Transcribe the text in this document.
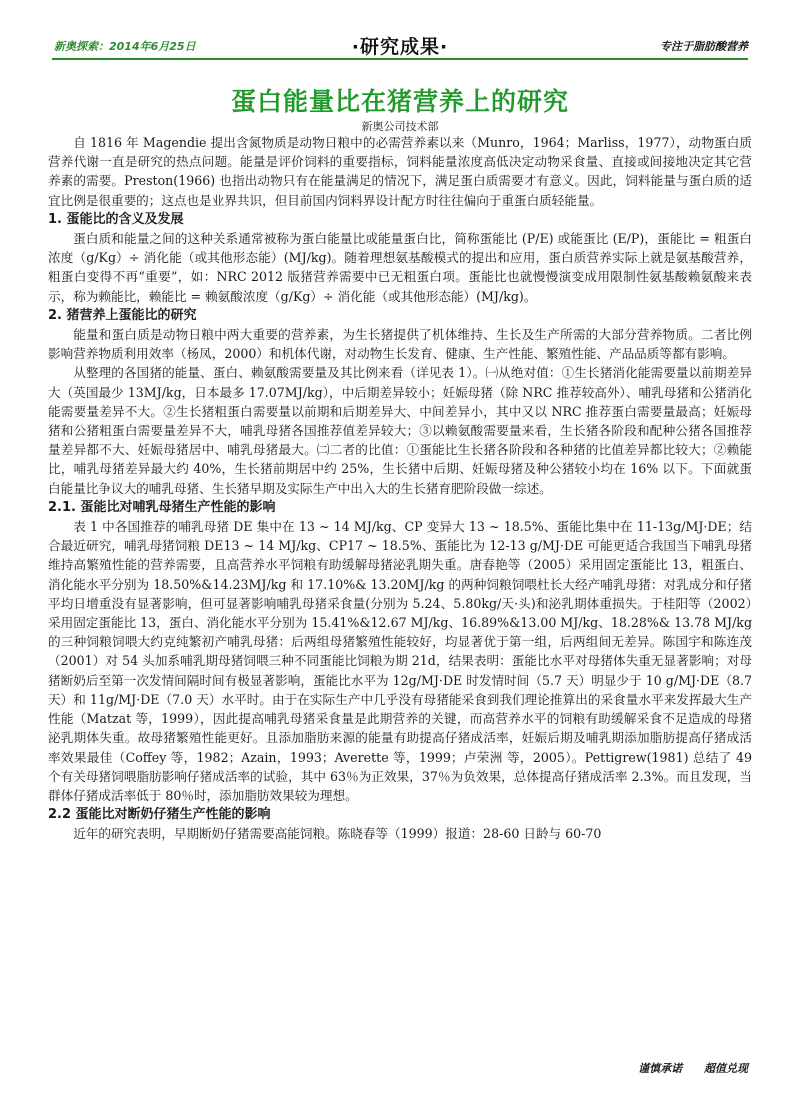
新奥探索：2014年6月25日	·研究成果·	专注于脂肪酸营养
蛋白能量比在猪营养上的研究
新奥公司技术部

自 1816 年 Magendie 提出含氮物质是动物日粮中的必需营养素以来（Munro，1964；Marliss，1977），动物蛋白质营养代谢一直是研究的热点问题。能量是评价饲料的重要指标，饲料能量浓度高低决定动物采食量、直接或间接地决定其它营养素的需要。Preston(1966) 也指出动物只有在能量满足的情况下，满足蛋白质需要才有意义。因此，饲料能量与蛋白质的适宜比例是很重要的；这点也是业界共识，但目前国内饲料界设计配方时往往偏向于重蛋白质轻能量。

1. 蛋能比的含义及发展

蛋白质和能量之间的这种关系通常被称为蛋白能量比或能量蛋白比，简称蛋能比 (P/E) 或能蛋比 (E/P)，蛋能比 = 粗蛋白浓度（g/Kg）÷ 消化能（或其他形态能）(MJ/kg)。随着理想氨基酸模式的提出和应用，蛋白质营养实际上就是氨基酸营养，粗蛋白变得不再“重要”，如：NRC 2012 版猪营养需要中已无粗蛋白项。蛋能比也就慢慢演变成用限制性氨基酸赖氨酸来表示，称为赖能比，赖能比 = 赖氨酸浓度（g/Kg）÷ 消化能（或其他形态能）(MJ/kg)。

2. 猪营养上蛋能比的研究

能量和蛋白质是动物日粮中两大重要的营养素，为生长猪提供了机体维持、生长及生产所需的大部分营养物质。二者比例影响营养物质利用效率（杨凤，2000）和机体代谢，对动物生长发育、健康、生产性能、繁殖性能、产品品质等都有影响。

从整理的各国猪的能量、蛋白、赖氨酸需要量及其比例来看（详见表 1）。㈠从绝对值：①生长猪消化能需要量以前期差异大（英国最少 13MJ/kg，日本最多 17.07MJ/kg），中后期差异较小；妊娠母猪（除 NRC 推荐较高外）、哺乳母猪和公猪消化能需要量差异不大。②生长猪粗蛋白需要量以前期和后期差异大、中间差异小，其中又以 NRC 推荐蛋白需要量最高；妊娠母猪和公猪粗蛋白需要量差异不大，哺乳母猪各国推荐值差异较大；③以赖氨酸需要量来看，生长猪各阶段和配种公猪各国推荐量差异都不大、妊娠母猪居中、哺乳母猪最大。㈡二者的比值：①蛋能比生长猪各阶段和各种猪的比值差异都比较大；②赖能比，哺乳母猪差异最大约 40%，生长猪前期居中约 25%，生长猪中后期、妊娠母猪及种公猪较小均在 16% 以下。下面就蛋白能量比争议大的哺乳母猪、生长猪早期及实际生产中出入大的生长猪育肥阶段做一综述。

2.1. 蛋能比对哺乳母猪生产性能的影响

表 1 中各国推荐的哺乳母猪 DE 集中在 13 ~ 14 MJ/kg、CP 变异大 13 ~ 18.5%、蛋能比集中在 11-13g/MJ·DE；结合最近研究，哺乳母猪饲粮 DE13 ~ 14 MJ/kg、CP17 ~ 18.5%、蛋能比为 12-13 g/MJ·DE 可能更适合我国当下哺乳母猪维持高繁殖性能的营养需要，且高营养水平饲粮有助缓解母猪泌乳期失重。唐春艳等（2005）采用固定蛋能比 13，粗蛋白、消化能水平分别为 18.50%&14.23MJ/kg 和 17.10%& 13.20MJ/kg 的两种饲粮饲喂杜长大经产哺乳母猪：对乳成分和仔猪平均日增重没有显著影响，但可显著影响哺乳母猪采食量(分别为 5.24、5.80kg/天·头)和泌乳期体重损失。于桂阳等（2002）采用固定蛋能比 13，蛋白、消化能水平分别为 15.41%&12.67 MJ/kg、16.89%&13.00 MJ/kg、18.28%& 13.78 MJ/kg 的三种饲粮饲喂大约克纯繁初产哺乳母猪：后两组母猪繁殖性能较好，均显著优于第一组，后两组间无差异。陈国宇和陈连茂（2001）对 54 头加系哺乳期母猪饲喂三种不同蛋能比饲粮为期 21d，结果表明：蛋能比水平对母猪体失重无显著影响；对母猪断奶后至第一次发情间隔时间有极显著影响，蛋能比水平为 12g/MJ·DE 时发情时间（5.7 天）明显少于 10 g/MJ·DE（8.7 天）和 11g/MJ·DE（7.0 天）水平时。由于在实际生产中几乎没有母猪能采食到我们理论推算出的采食量水平来发挥最大生产性能（Matzat 等，1999），因此提高哺乳母猪采食量是此期营养的关键，而高营养水平的饲粮有助缓解采食不足造成的母猪泌乳期体失重。故母猪繁殖性能更好。且添加脂肪来源的能量有助提高仔猪成活率，妊娠后期及哺乳期添加脂肪提高仔猪成活率效果最佳（Coffey 等，1982；Azain，1993；Averette 等，1999；卢荣洲 等，2005）。Pettigrew(1981) 总结了 49 个有关母猪饲喂脂肪影响仔猪成活率的试验，其中 63％为正效果，37％为负效果，总体提高仔猪成活率 2.3%。而且发现，当群体仔猪成活率低于 80％时，添加脂肪效果较为理想。

2.2 蛋能比对断奶仔猪生产性能的影响

近年的研究表明，早期断奶仔猪需要高能饲粮。陈晓春等（1999）报道：28-60 日龄与 60-70

谨慎承诺 超值兑现
